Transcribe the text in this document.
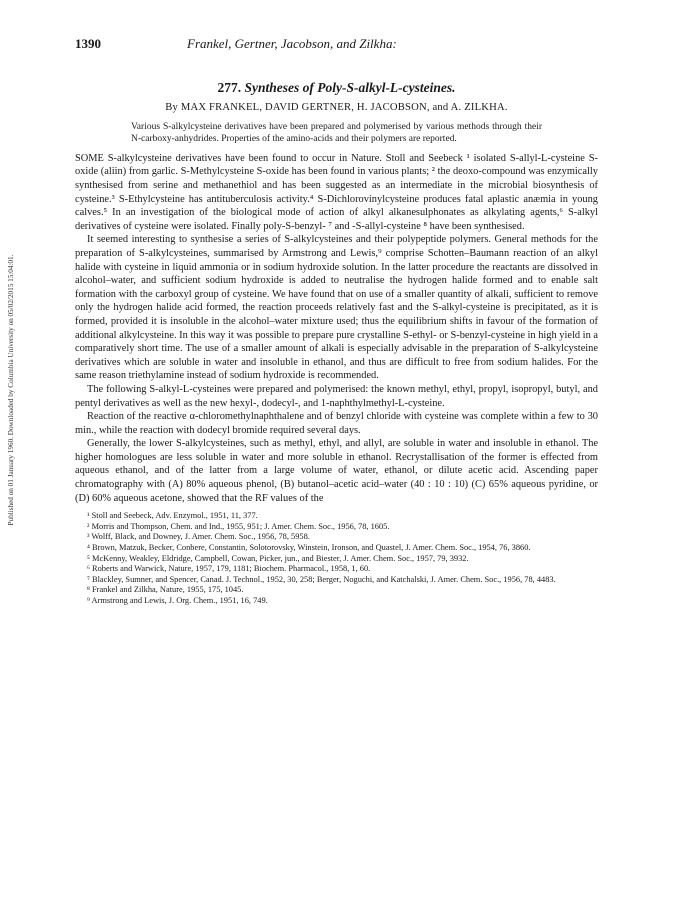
Published on 01 January 1960. Downloaded by Columbia University on 05/02/2015 15:04:01.
1390	Frankel, Gertner, Jacobson, and Zilkha:
277. Syntheses of Poly-S-alkyl-L-cysteines.
By MAX FRANKEL, DAVID GERTNER, H. JACOBSON, and A. ZILKHA.
Various S-alkylcysteine derivatives have been prepared and polymerised by various methods through their N-carboxy-anhydrides. Properties of the amino-acids and their polymers are reported.

SOME S-alkylcysteine derivatives have been found to occur in Nature. Stoll and Seebeck ¹ isolated S-allyl-L-cysteine S-oxide (aliin) from garlic. S-Methylcysteine S-oxide has been found in various plants; ² the deoxo-compound was enzymically synthesised from serine and methanethiol and has been suggested as an intermediate in the microbial biosynthesis of cysteine.³ S-Ethylcysteine has antituberculosis activity.⁴ S-Dichlorovinylcysteine produces fatal aplastic anæmia in young calves.⁵ In an investigation of the biological mode of action of alkyl alkanesulphonates as alkylating agents,⁶ S-alkyl derivatives of cysteine were isolated. Finally poly-S-benzyl- ⁷ and -S-allyl-cysteine ⁸ have been synthesised.

It seemed interesting to synthesise a series of S-alkylcysteines and their polypeptide polymers. General methods for the preparation of S-alkylcysteines, summarised by Armstrong and Lewis,⁹ comprise Schotten–Baumann reaction of an alkyl halide with cysteine in liquid ammonia or in sodium hydroxide solution. In the latter procedure the reactants are dissolved in alcohol–water, and sufficient sodium hydroxide is added to neutralise the hydrogen halide formed and to enable salt formation with the carboxyl group of cysteine. We have found that on use of a smaller quantity of alkali, sufficient to remove only the hydrogen halide acid formed, the reaction proceeds relatively fast and the S-alkyl-cysteine is precipitated, as it is formed, provided it is insoluble in the alcohol–water mixture used; thus the equilibrium shifts in favour of the formation of additional alkylcysteine. In this way it was possible to prepare pure crystalline S-ethyl- or S-benzyl-cysteine in high yield in a comparatively short time. The use of a smaller amount of alkali is especially advisable in the preparation of S-alkylcysteine derivatives which are soluble in water and insoluble in ethanol, and thus are difficult to free from sodium halides. For the same reason triethylamine instead of sodium hydroxide is recommended.

The following S-alkyl-L-cysteines were prepared and polymerised: the known methyl, ethyl, propyl, isopropyl, butyl, and pentyl derivatives as well as the new hexyl-, dodecyl-, and 1-naphthylmethyl-L-cysteine.

Reaction of the reactive α-chloromethylnaphthalene and of benzyl chloride with cysteine was complete within a few to 30 min., while the reaction with dodecyl bromide required several days.

Generally, the lower S-alkylcysteines, such as methyl, ethyl, and allyl, are soluble in water and insoluble in ethanol. The higher homologues are less soluble in water and more soluble in ethanol. Recrystallisation of the former is effected from aqueous ethanol, and of the latter from a large volume of water, ethanol, or dilute acetic acid. Ascending paper chromatography with (A) 80% aqueous phenol, (B) butanol–acetic acid–water (40 : 10 : 10) (C) 65% aqueous pyridine, or (D) 60% aqueous acetone, showed that the RF values of the

¹ Stoll and Seebeck, Adv. Enzymol., 1951, 11, 377.

² Morris and Thompson, Chem. and Ind., 1955, 951; J. Amer. Chem. Soc., 1956, 78, 1605.

³ Wolff, Black, and Downey, J. Amer. Chem. Soc., 1956, 78, 5958.

⁴ Brown, Matzuk, Becker, Conbere, Constantin, Solotorovsky, Winstein, Ironson, and Quastel, J. Amer. Chem. Soc., 1954, 76, 3860.

⁵ McKenny, Weakley, Eldridge, Campbell, Cowan, Picker, jun., and Biester, J. Amer. Chem. Soc., 1957, 79, 3932.

⁶ Roberts and Warwick, Nature, 1957, 179, 1181; Biochem. Pharmacol., 1958, 1, 60.

⁷ Blackley, Sumner, and Spencer, Canad. J. Technol., 1952, 30, 258; Berger, Noguchi, and Katchalski, J. Amer. Chem. Soc., 1956, 78, 4483.

⁸ Frankel and Zilkha, Nature, 1955, 175, 1045.

⁹ Armstrong and Lewis, J. Org. Chem., 1951, 16, 749.
